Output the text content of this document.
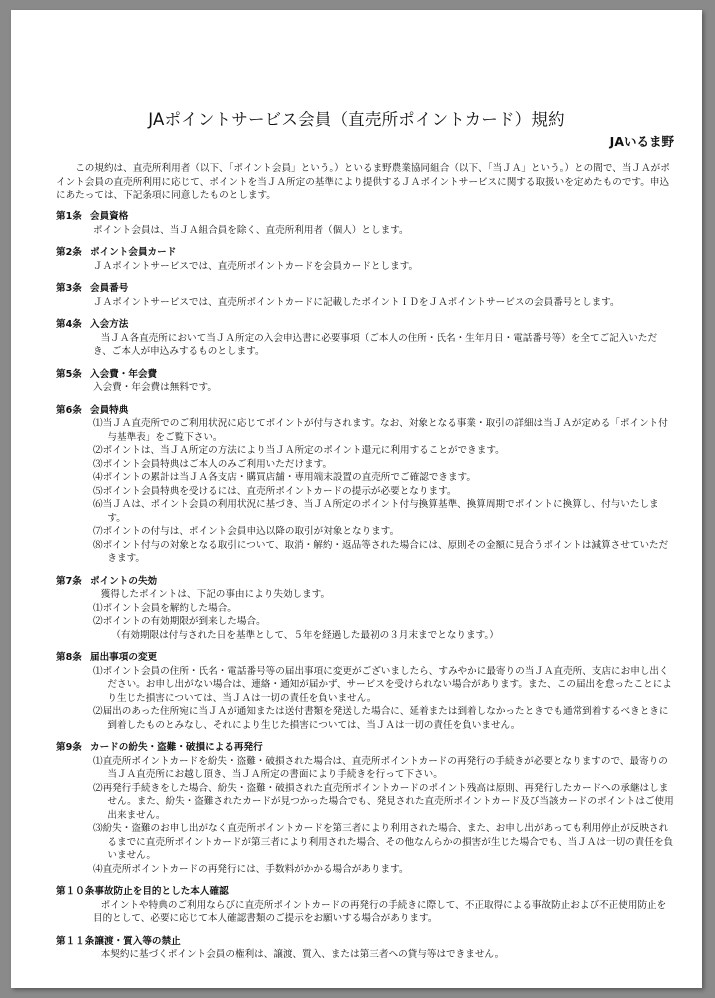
JAポイントサービス会員（直売所ポイントカード）規約
JAいるま野

この規約は、直売所利用者（以下、「ポイント会員」という。）といるま野農業協同組合（以下、「当ＪＡ」という。）との間で、当ＪＡがポイント会員の直売所利用に応じて、ポイントを当ＪＡ所定の基準により提供するＪＡポイントサービスに関する取扱いを定めたものです。申込にあたっては、下記条項に同意したものとします。

第1条 会員資格

ポイント会員は、当ＪＡ組合員を除く、直売所利用者（個人）とします。

第2条 ポイント会員カード

ＪＡポイントサービスでは、直売所ポイントカードを会員カードとします。

第3条 会員番号

ＪＡポイントサービスでは、直売所ポイントカードに記載したポイントＩＤをＪＡポイントサービスの会員番号とします。

第4条 入会方法

当ＪＡ各直売所において当ＪＡ所定の入会申込書に必要事項（ご本人の住所・氏名・生年月日・電話番号等）を全てご記入いただき、ご本人が申込みするものとします。

第5条 入会費・年会費

入会費・年会費は無料です。

第6条 会員特典

⑴当ＪＡ直売所でのご利用状況に応じてポイントが付与されます。なお、対象となる事業・取引の詳細は当ＪＡが定める「ポイント付与基準表」をご覧下さい。

⑵ポイントは、当ＪＡ所定の方法により当ＪＡ所定のポイント還元に利用することができます。

⑶ポイント会員特典はご本人のみご利用いただけます。

⑷ポイントの累計は当ＪＡ各支店・購買店舗・専用端末設置の直売所でご確認できます。

⑸ポイント会員特典を受けるには、直売所ポイントカードの提示が必要となります。

⑹当ＪＡは、ポイント会員の利用状況に基づき、当ＪＡ所定のポイント付与換算基準、換算周期でポイントに換算し、付与いたします。

⑺ポイントの付与は、ポイント会員申込以降の取引が対象となります。

⑻ポイント付与の対象となる取引について、取消・解約・返品等された場合には、原則その金額に見合うポイントは減算させていただきます。

第7条 ポイントの失効

獲得したポイントは、下記の事由により失効します。

⑴ポイント会員を解約した場合。

⑵ポイントの有効期限が到来した場合。

（有効期限は付与された日を基準として、５年を経過した最初の３月末までとなります。）

第8条 届出事項の変更

⑴ポイント会員の住所・氏名・電話番号等の届出事項に変更がございましたら、すみやかに最寄りの当ＪＡ直売所、支店にお申し出ください。お申し出がない場合は、連絡・通知が届かず、サービスを受けられない場合があります。また、この届出を怠ったことにより生じた損害については、当ＪＡは一切の責任を負いません。

⑵届出のあった住所宛に当ＪＡが通知または送付書類を発送した場合に、延着または到着しなかったときでも通常到着するべきときに到着したものとみなし、それにより生じた損害については、当ＪＡは一切の責任を負いません。

第9条 カードの紛失・盗難・破損による再発行

⑴直売所ポイントカードを紛失・盗難・破損された場合は、直売所ポイントカードの再発行の手続きが必要となりますので、最寄りの当ＪＡ直売所にお越し頂き、当ＪＡ所定の書面により手続きを行って下さい。

⑵再発行手続きをした場合、紛失・盗難・破損された直売所ポイントカードのポイント残高は原則、再発行したカードへの承継はしません。また、紛失・盗難されたカードが見つかった場合でも、発見された直売所ポイントカード及び当該カードのポイントはご使用出来ません。

⑶紛失・盗難のお申し出がなく直売所ポイントカードを第三者により利用された場合、また、お申し出があっても利用停止が反映されるまでに直売所ポイントカードが第三者により利用された場合、その他なんらかの損害が生じた場合でも、当ＪＡは一切の責任を負いません。

⑷直売所ポイントカードの再発行には、手数料がかかる場合があります。

第１０条事故防止を目的とした本人確認

ポイントや特典のご利用ならびに直売所ポイントカードの再発行の手続きに際して、不正取得による事故防止および不正使用防止を目的として、必要に応じて本人確認書類のご提示をお願いする場合があります。

第１１条譲渡・質入等の禁止

本契約に基づくポイント会員の権利は、譲渡、質入、または第三者への貸与等はできません。
